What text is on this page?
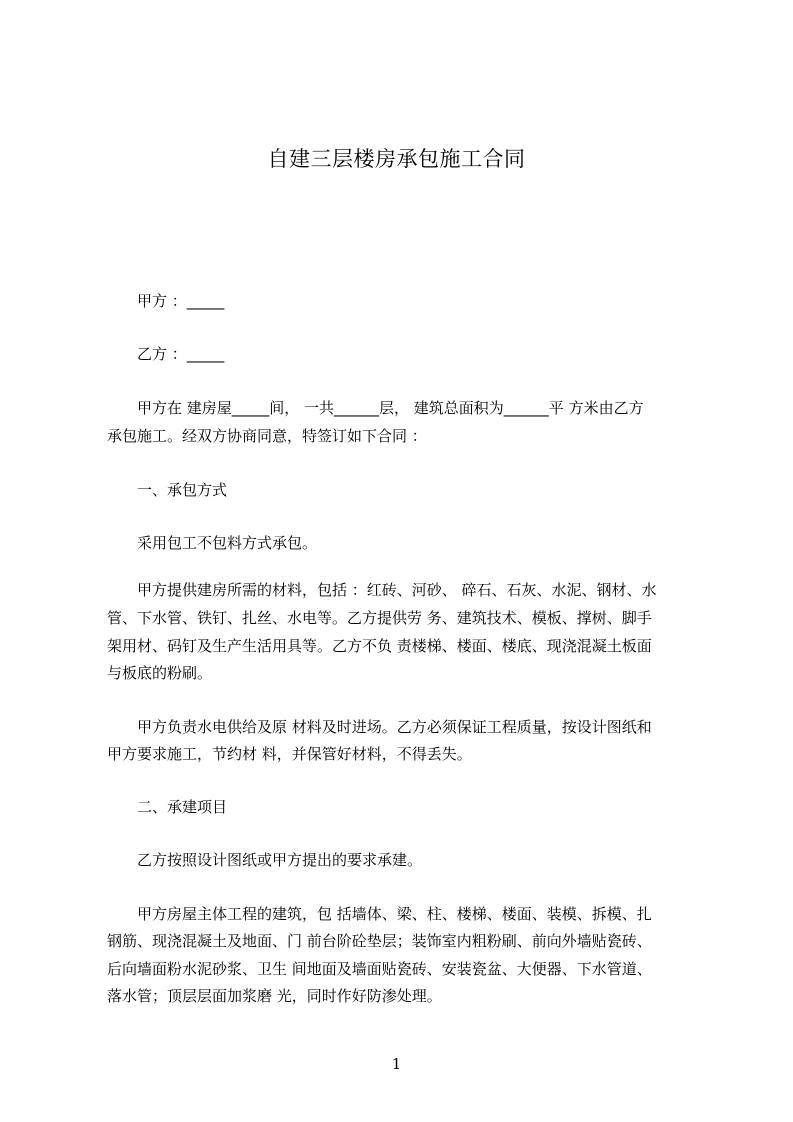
自建三层楼房承包施工合同
甲方 ：_____
乙方 ：_____
甲方在 建房屋_____间， 一共______层， 建筑总面积为______平 方米由乙方
承包施工。经双方协商同意，特签订如下合同 ：
一、承包方式
采用包工不包料方式承包。
甲方提供建房所需的材料，包括 ：红砖、河砂、 碎石、石灰、水泥、钢材、水
管、下水管、铁钉、扎丝、水电等。乙方提供劳 务、建筑技术、模板、撑树、脚手
架用材、码钉及生产生活用具等。乙方不负 责楼梯、楼面、楼底、现浇混凝土板面
与板底的粉刷。
甲方负责水电供给及原 材料及时进场。乙方必须保证工程质量，按设计图纸和
甲方要求施工，节约材 料，并保管好材料，不得丢失。
二、承建项目
乙方按照设计图纸或甲方提出的要求承建。
甲方房屋主体工程的建筑，包 括墙体、梁、柱、楼梯、楼面、装模、拆模、扎
钢筋、现浇混凝土及地面、门 前台阶砼垫层；装饰室内粗粉刷、前向外墙贴瓷砖、
后向墙面粉水泥砂浆、卫生 间地面及墙面贴瓷砖、安装瓷盆、大便器、下水管道、
落水管；顶层层面加浆磨 光，同时作好防渗处理。
1
